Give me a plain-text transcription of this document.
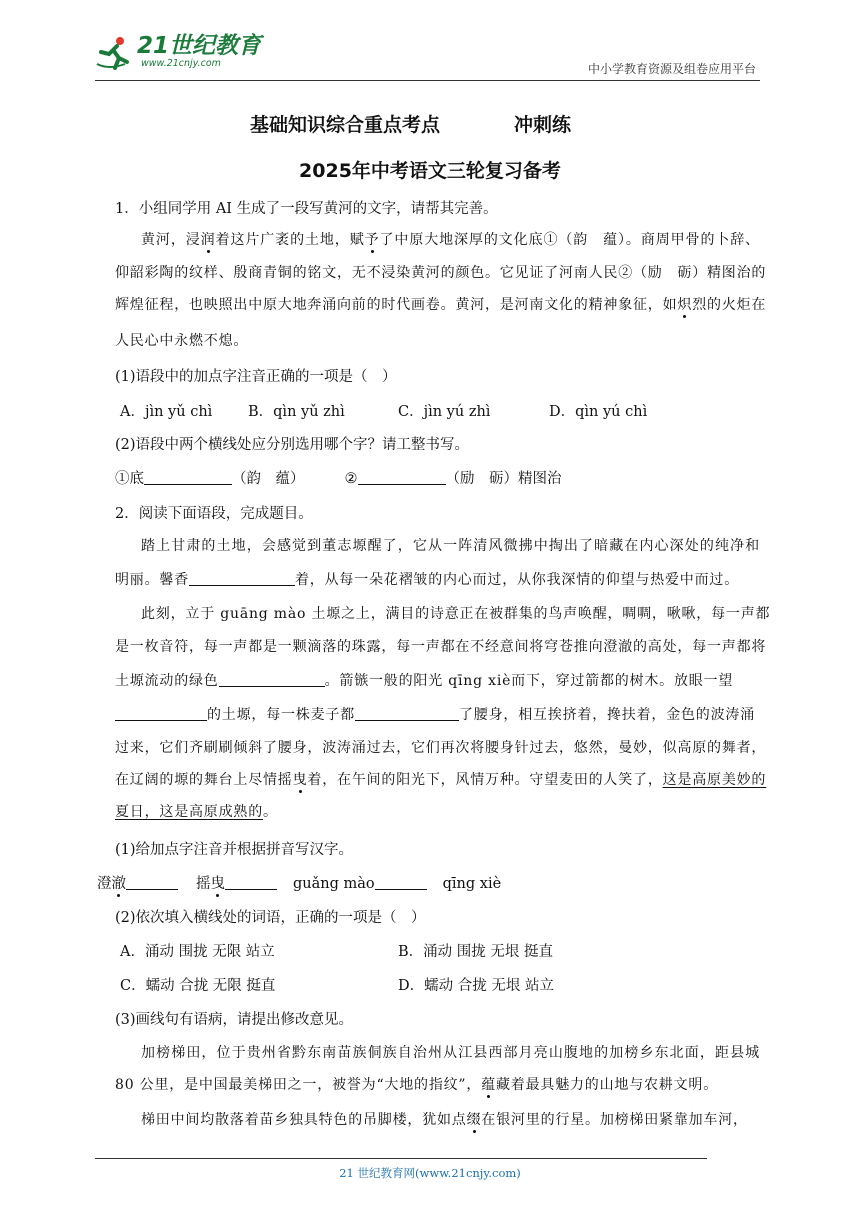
21世纪教育
www.21cnjy.com	中小学教育资源及组卷应用平台
基础知识综合重点考点	冲刺练
2025年中考语文三轮复习备考
1．小组同学用 AI 生成了一段写黄河的文字，请帮其完善。
黄河，浸润着这片广袤的土地，赋予了中原大地深厚的文化底①（韵　蕴）。商周甲骨的卜辞、
仰韶彩陶的纹样、殷商青铜的铭文，无不浸染黄河的颜色。它见证了河南人民②（励　砺）精图治的
辉煌征程，也映照出中原大地奔涌向前的时代画卷。黄河，是河南文化的精神象征，如炽烈的火炬在
人民心中永燃不熄。
(1)语段中的加点字注音正确的一项是（　）
A．jìn yǔ chì B．qìn yǔ zhì	C．jìn yú zhì	D．qìn yú chì
(2)语段中两个横线处应分别选用哪个字？请工整书写。
①底	（韵　蕴）	②	（励　砺）精图治
2．阅读下面语段，完成题目。
踏上甘肃的土地，会感觉到董志塬醒了，它从一阵清风微拂中掏出了暗藏在内心深处的纯净和
明丽。馨香	着，从每一朵花褶皱的内心而过，从你我深情的仰望与热爱中而过。
此刻，立于 guāng mào 土塬之上，满目的诗意正在被群集的鸟声唤醒，啁啁，啾啾，每一声都
是一枚音符，每一声都是一颗滴落的珠露，每一声都在不经意间将穹苍推向澄澈的高处，每一声都将
土塬流动的绿色	。箭镞一般的阳光 qīng xiè而下，穿过箭都的树木。放眼一望
的土塬，每一株麦子都	了腰身，相互挨挤着，搀扶着，金色的波涛涌
过来，它们齐刷刷倾斜了腰身，波涛涌过去，它们再次将腰身针过去，悠然，曼妙，似高原的舞者，
在辽阔的塬的舞台上尽情摇曳着，在午间的阳光下，风情万种。守望麦田的人笑了，这是高原美妙的
夏日，这是高原成熟的。
(1)给加点字注音并根据拼音写汉字。
澄澈	摇曳	guǎng mào	qīng xiè
(2)依次填入横线处的词语，正确的一项是（　）
A．涌动 围拢 无限 站立	B．涌动 围拢 无垠 挺直
C．蠕动 合拢 无限 挺直	D．蠕动 合拢 无垠 站立
(3)画线句有语病，请提出修改意见。
加榜梯田，位于贵州省黔东南苗族侗族自治州从江县西部月亮山腹地的加榜乡东北面，距县城
80 公里，是中国最美梯田之一，被誉为“大地的指纹”，蕴藏着最具魅力的山地与农耕文明。
梯田中间均散落着苗乡独具特色的吊脚楼，犹如点缀在银河里的行星。加榜梯田紧靠加车河，
21 世纪教育网(www.21cnjy.com)
